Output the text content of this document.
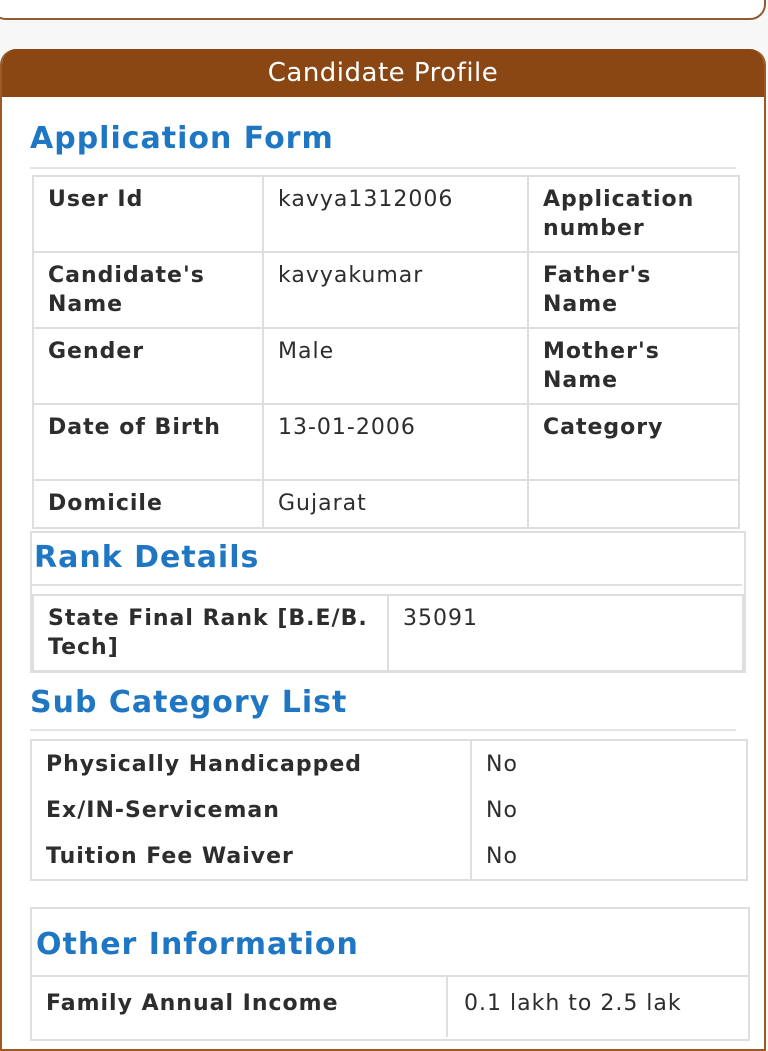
Candidate Profile
Application Form
User Id	kavya1312006	Application number
Candidate's Name	kavyakumar	Father's Name
Gender	Male	Mother's Name
Date of Birth	13-01-2006	Category
Domicile	Gujarat	
Rank Details
State Final Rank [B.E/B. Tech]	35091
Sub Category List
Physically Handicapped	No
Ex/IN-Serviceman	No
Tuition Fee Waiver	No
Other Information
Family Annual Income	0.1 lakh to 2.5 lak
